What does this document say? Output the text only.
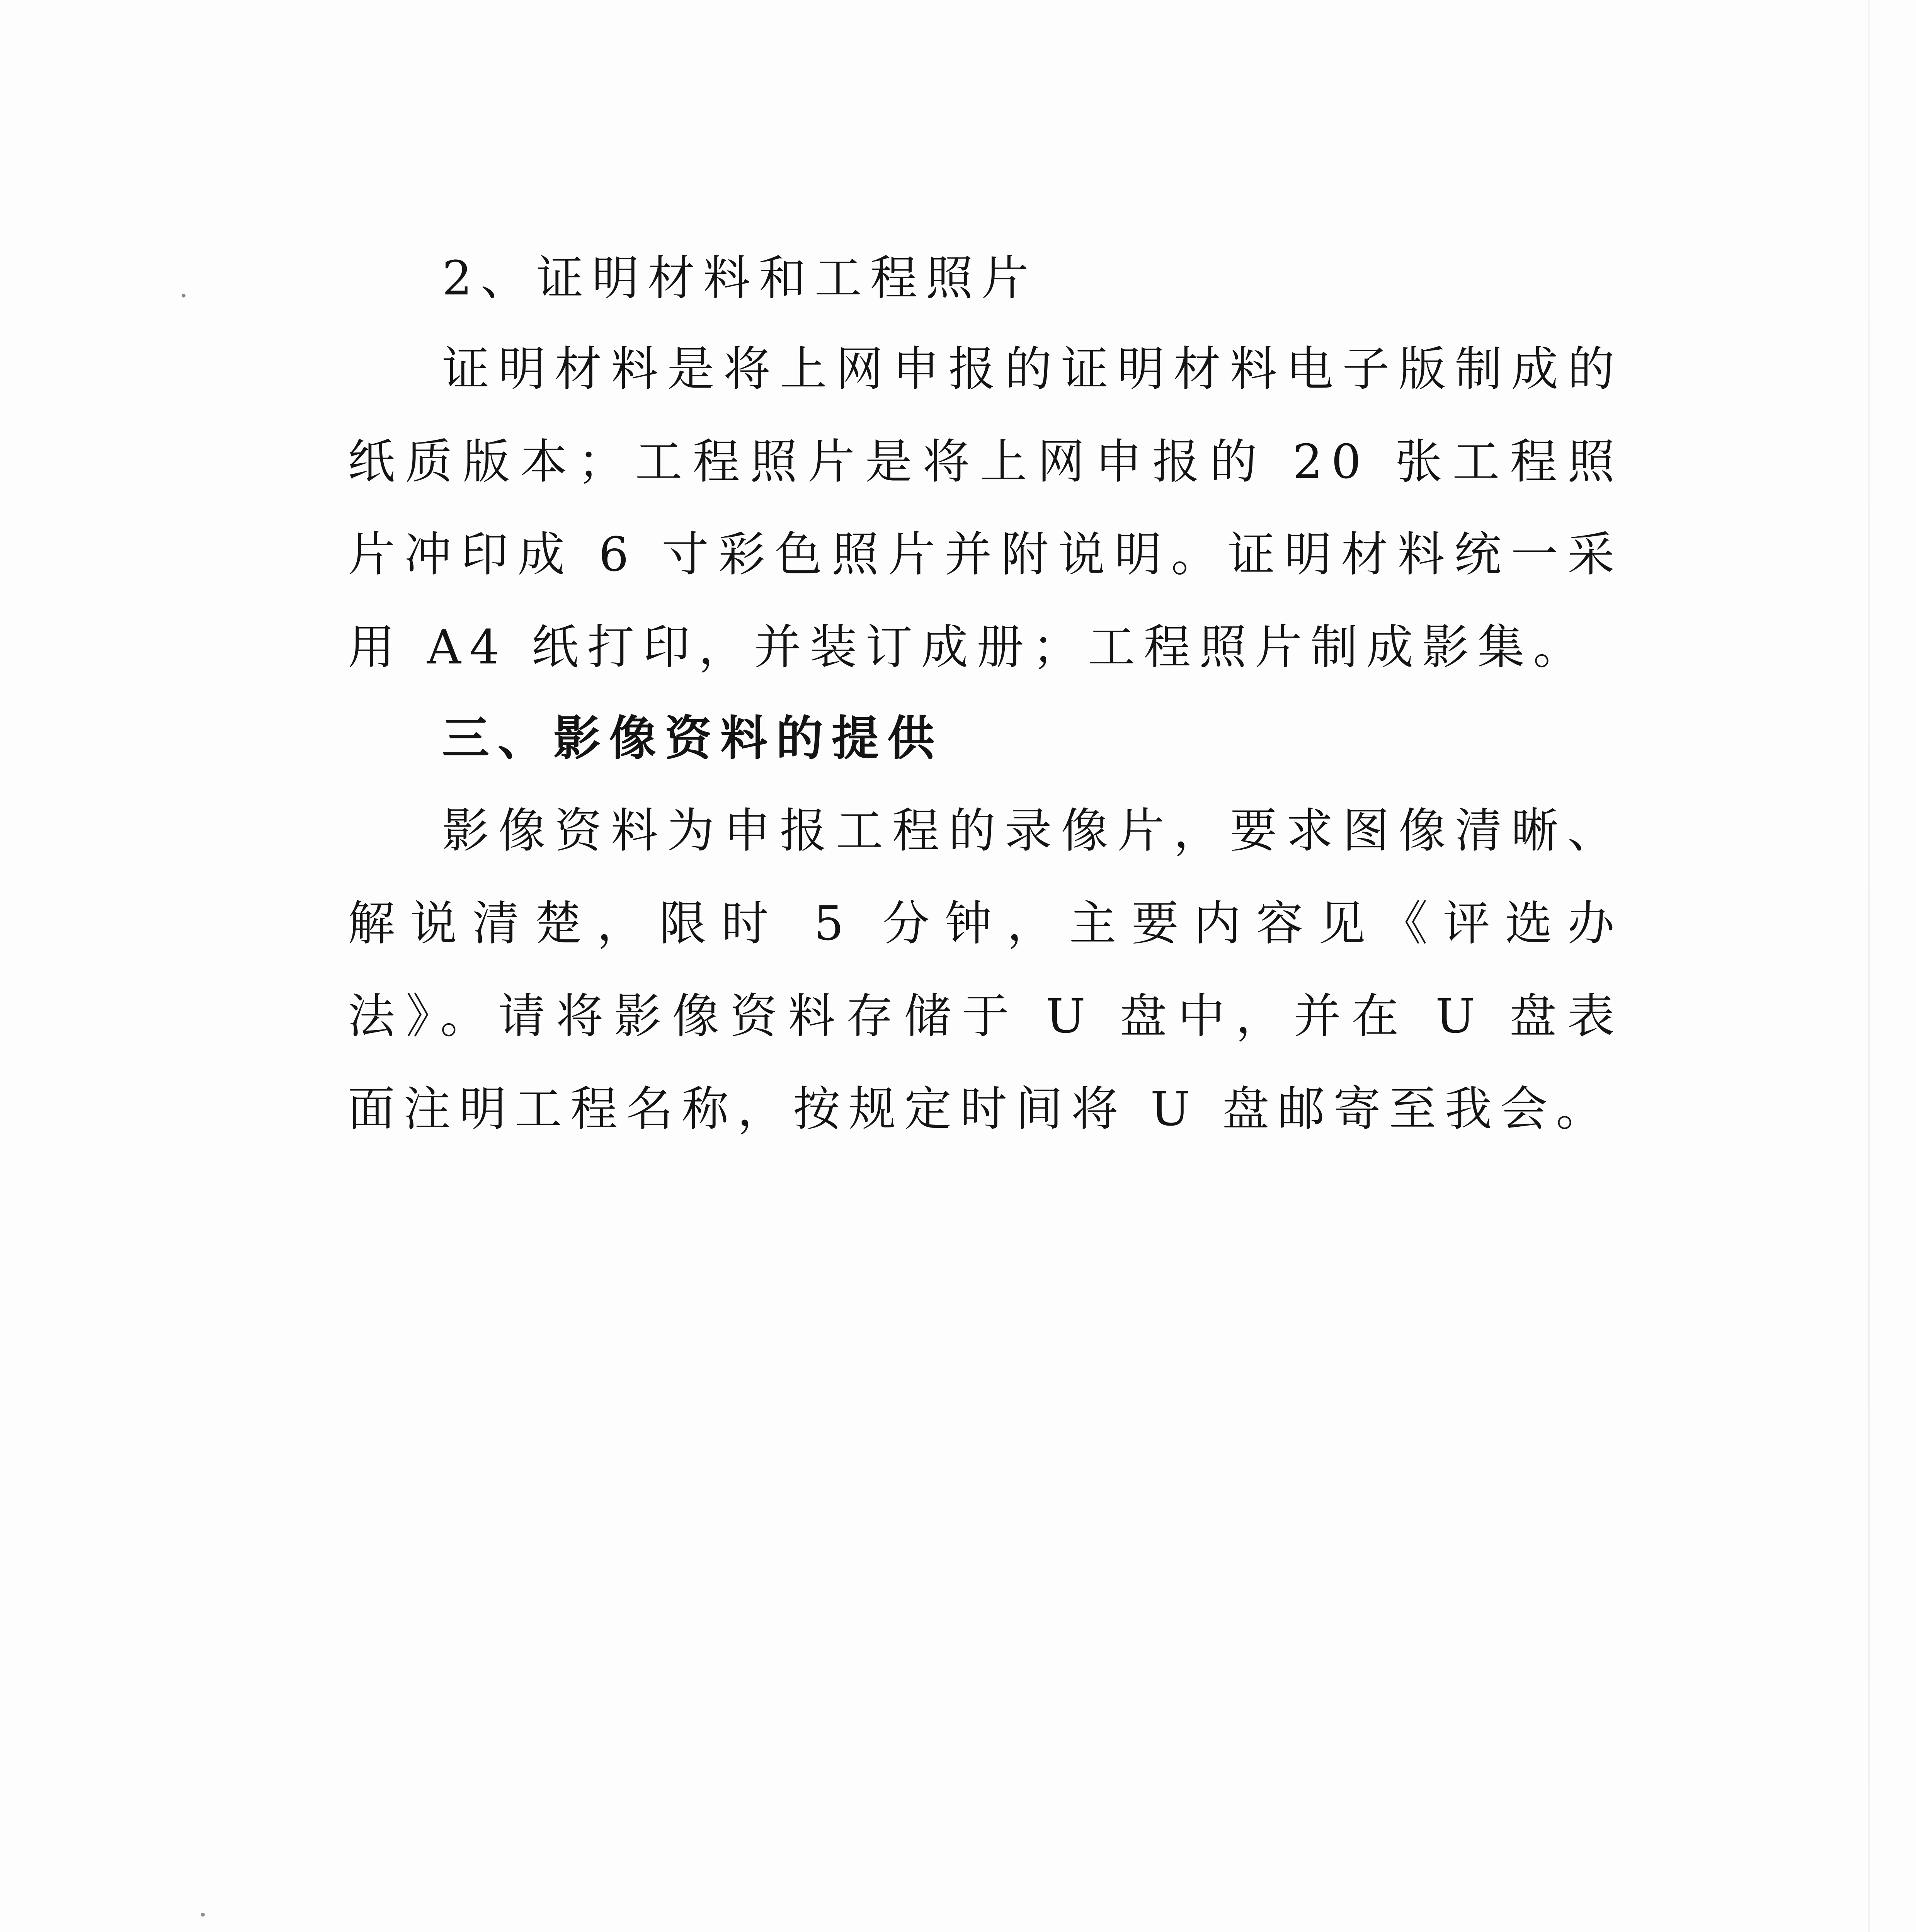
2、证明材料和工程照片

证明材料是将上网申报的证明材料电子版制成的纸质版本；工程照片是将上网申报的 20 张工程照片冲印成 6 寸彩色照片并附说明。证明材料统一采用 A4 纸打印，并装订成册；工程照片制成影集。

三、影像资料的提供

影像资料为申报工程的录像片，要求图像清晰、解说清楚，限时 5 分钟，主要内容见《评选办法》。请将影像资料存储于 U 盘中，并在 U 盘表面注明工程名称，按规定时间将 U 盘邮寄至我会。
